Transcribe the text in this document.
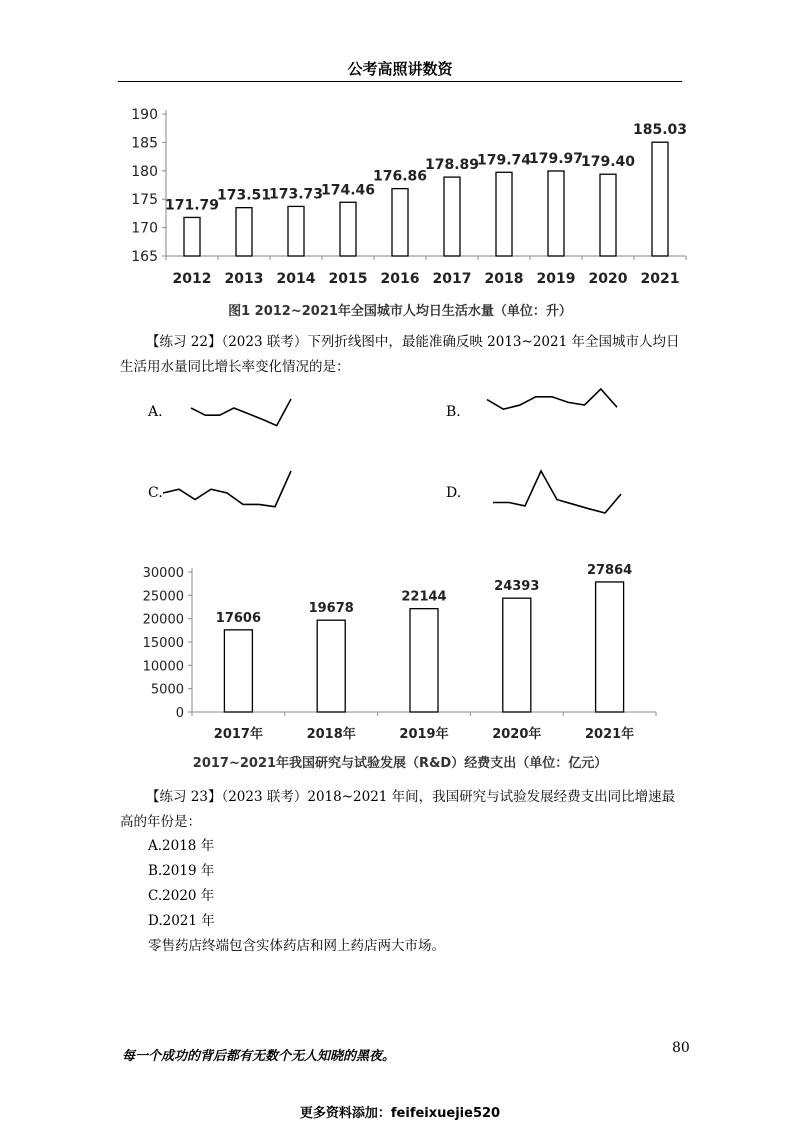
公考高照讲数资
165
170
175
180
185
190
171.79
2012
173.51
2013
173.73
2014
174.46
2015
176.86
2016
178.89
2017
179.74
2018
179.97
2019
179.40
2020
185.03
2021
图1 2012~2021年全国城市人均日生活水量（单位：升）
【练习 22】（2023 联考）下列折线图中，最能准确反映 2013~2021 年全国城市人均日生活用水量同比增长率变化情况的是：
A.	B.
C.	D.
0
5000
10000
15000
20000
25000
30000
17606
2017年
19678
2018年
22144
2019年
24393
2020年
27864
2021年
2017~2021年我国研究与试验发展（R&D）经费支出（单位：亿元）
【练习 23】（2023 联考）2018~2021 年间，我国研究与试验发展经费支出同比增速最高的年份是：
A.2018 年
B.2019 年
C.2020 年
D.2021 年
零售药店终端包含实体药店和网上药店两大市场。
每一个成功的背后都有无数个无人知晓的黑夜。
80
更多资料添加：feifeixuejie520
